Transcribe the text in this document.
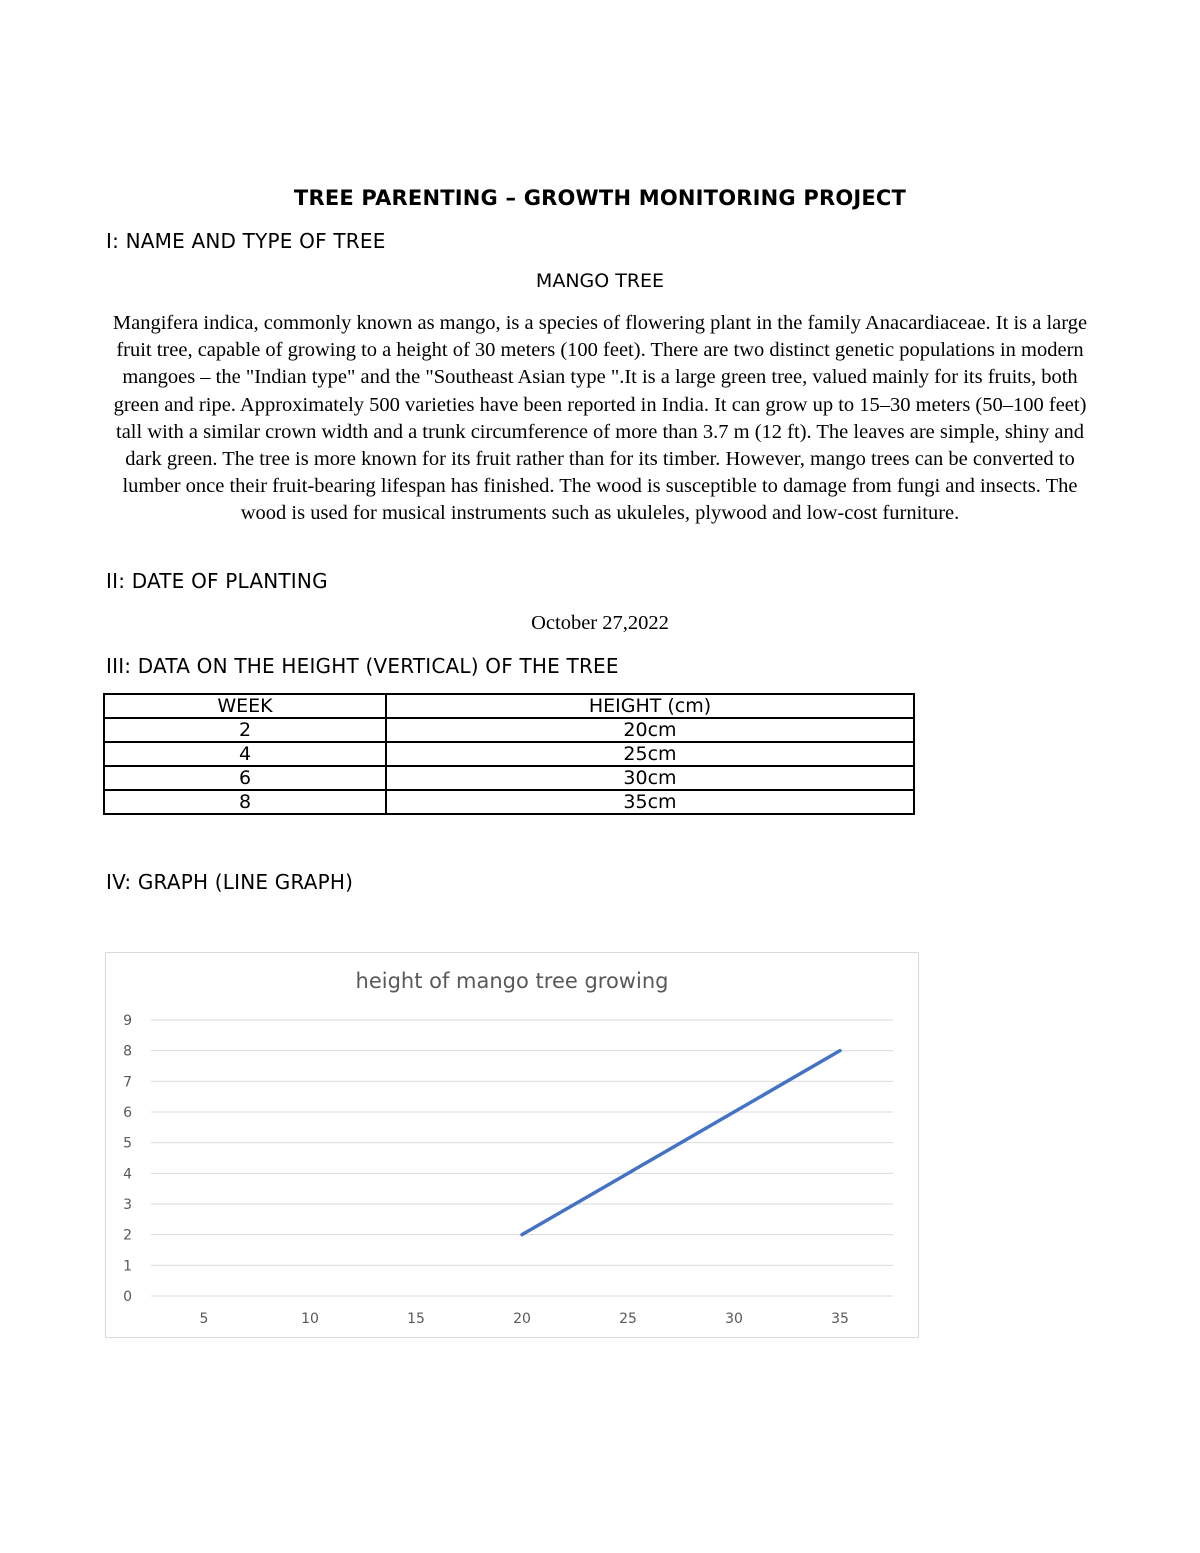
TREE PARENTING – GROWTH MONITORING PROJECT
I: NAME AND TYPE OF TREE
MANGO TREE
Mangifera indica, commonly known as mango, is a species of flowering plant in the family Anacardiaceae. It is a large fruit tree, capable of growing to a height of 30 meters (100 feet). There are two distinct genetic populations in modern mangoes – the "Indian type" and the "Southeast Asian type ".It is a large green tree, valued mainly for its fruits, both green and ripe. Approximately 500 varieties have been reported in India. It can grow up to 15–30 meters (50–100 feet) tall with a similar crown width and a trunk circumference of more than 3.7 m (12 ft). The leaves are simple, shiny and dark green. The tree is more known for its fruit rather than for its timber. However, mango trees can be converted to lumber once their fruit-bearing lifespan has finished. The wood is susceptible to damage from fungi and insects. The wood is used for musical instruments such as ukuleles, plywood and low-cost furniture.
II: DATE OF PLANTING
October 27,2022
III: DATA ON THE HEIGHT (VERTICAL) OF THE TREE
WEEK	HEIGHT (cm)
2	20cm
4	25cm
6	30cm
8	35cm
IV: GRAPH (LINE GRAPH)
height of mango tree growing
0
1
2
3
4
5
6
7
8
9
5	10	15	20	25	30	35
